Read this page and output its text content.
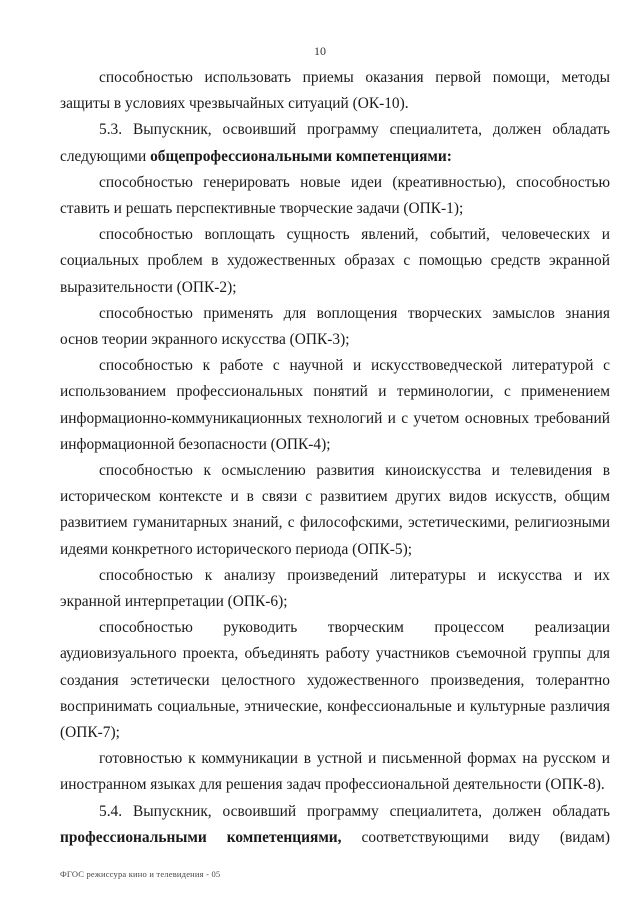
10

способностью использовать приемы оказания первой помощи, методы защиты в условиях чрезвычайных ситуаций (ОК-10).

5.3. Выпускник, освоивший программу специалитета, должен обладать следующими общепрофессиональными компетенциями:

способностью генерировать новые идеи (креативностью), способностью ставить и решать перспективные творческие задачи (ОПК-1);

способностью воплощать сущность явлений, событий, человеческих и социальных проблем в художественных образах с помощью средств экранной выразительности (ОПК-2);

способностью применять для воплощения творческих замыслов знания основ теории экранного искусства (ОПК-3);

способностью к работе с научной и искусствоведческой литературой с использованием профессиональных понятий и терминологии, с применением информационно-коммуникационных технологий и с учетом основных требований информационной безопасности (ОПК-4);

способностью к осмыслению развития киноискусства и телевидения в историческом контексте и в связи с развитием других видов искусств, общим развитием гуманитарных знаний, с философскими, эстетическими, религиозными идеями конкретного исторического периода (ОПК-5);

способностью к анализу произведений литературы и искусства и их экранной интерпретации (ОПК-6);

способностью руководить творческим процессом реализации аудиовизуального проекта, объединять работу участников съемочной группы для создания эстетически целостного художественного произведения, толерантно воспринимать социальные, этнические, конфессиональные и культурные различия (ОПК-7);

готовностью к коммуникации в устной и письменной формах на русском и иностранном языках для решения задач профессиональной деятельности (ОПК-8).

5.4. Выпускник, освоивший программу специалитета, должен обладать профессиональными компетенциями, соответствующими виду (видам)

ФГОС режиссура кино и телевидения - 05
